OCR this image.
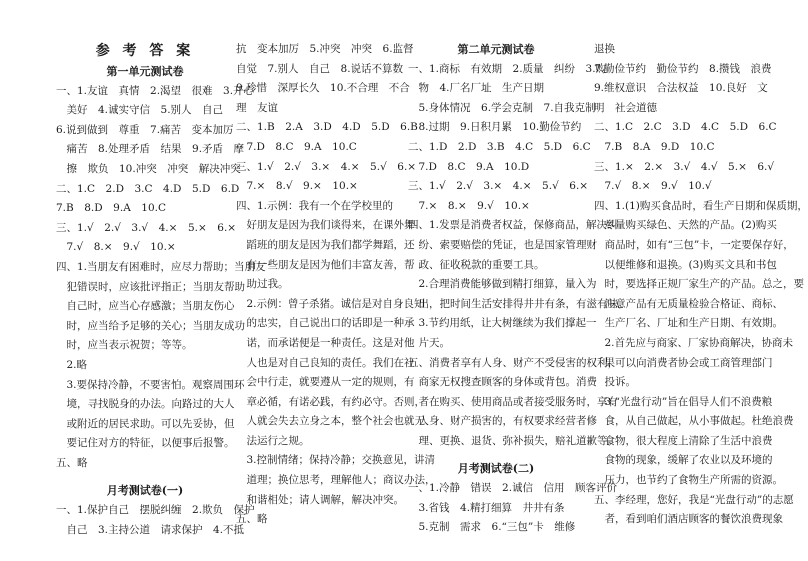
参 考 答 案
第一单元测试卷
一、1.友谊　真情　2.渴望　很难　3.开心
　美好　4.诚实守信　5.别人　自己
6.说到做到　尊重　7.痛苦　变本加厉
　痛苦　8.处理矛盾　结果　9.矛盾　摩
　擦　欺负　10.冲突　冲突　解决冲突
二、1.C　2.D　3.C　4.D　5.D　6.D
7.B　8.D　9.A　10.C
三、1.√　2.√　3.√　4.×　5.×　6.×
　7.√　8.×　9.√　10.×
四、1.当朋友有困难时，应尽力帮助；当朋友
　犯错误时，应该批评指正；当朋友帮助
　自己时，应当心存感激；当朋友伤心
　时，应当给予足够的关心；当朋友成功
　时，应当表示祝贺；等等。
　2.略
　3.要保持冷静，不要害怕。观察周围环
　境，寻找脱身的办法。向路过的大人
　或附近的居民求助。可以先妥协，但
　要记住对方的特征，以便事后报警。
五、略
月考测试卷(一)
一、1.保护自己　摆脱纠缠　2.欺负　保护
　自己　3.主持公道　请求保护　4.不抵
抗　变本加厉　5.冲突　冲突　6.监督
自觉　7.别人　自己　8.说话不算数
9.珍惜　深厚长久　10.不合理　不合
理　友谊
二、1.B　2.A　3.D　4.D　5.D　6.B
　7.D　8.C　9.A　10.C
三、1.√　2.√　3.×　4.×　5.√　6.×
　7.×　8.√　9.×　10.×
四、1.示例：我有一个在学校里的
　好朋友是因为我们谈得来，在课外舞
　蹈班的朋友是因为我们都学舞蹈，还
　有一些朋友是因为他们丰富友善，帮
　助过我。
　2.示例：曾子杀猪。诚信是对自身良知
　的忠实，自己说出口的话即是一种承
　诺，而承诺便是一种责任。这是对他
　人也是对自己良知的责任。我们在社
　会中行走，就要遵从一定的规则，有
　章必循，有诺必践，有约必守。否则，
　人就会失去立身之本，整个社会也就无
　法运行之规。
　3.控制情绪；保持冷静；交换意见，讲清
　道理；换位思考，理解他人；商议办法，
　和谐相处；请人调解，解决冲突。
五、略
第二单元测试卷
一、1.商标　有效期　2.质量　纠纷　3.购
　物　4.厂名厂址　生产日期
　5.身体情况　6.学会克制　7.自我克制
　8.过期　9.日积月累　10.勤俭节约
二、1.D　2.D　3.B　4.C　5.D　6.C
　7.D　8.C　9.A　10.D
三、1.√　2.√　3.×　4.×　5.√　6.×
　7.×　8.×　9.√　10.×
四、1.发票是消费者权益，保修商品，解决纠
　纷、索要赔偿的凭证，也是国家管理财
　政、征收税款的重要工具。
　2.合理消费能够做到精打细算，量入为
　出，把时间生活安排得井井有条，有滋有味。
　3.节约用纸，让大树继续为我们撑起一
　片天。
五、消费者享有人身、财产不受侵害的权利，
　商家无权搜查顾客的身体或背包。消费
　者在购买、使用商品或者接受服务时，享有
　人身、财产损害的，有权要求经营者修
　理、更换、退货、弥补损失，赔礼道歉等。
月考测试卷(二)
一、1.冷静　错误　2.诚信　信用　顾客评价
　3.省钱　4.精打细算　井井有条
　5.克制　需求　6.“三包”卡　维修
退换
7.勤俭节约　勤俭节约　8.攒钱　浪费
9.维权意识　合法权益　10.良好　文
明　社会道德
二、1.C　2.C　3.D　4.C　5.D　6.C
　7.B　8.A　9.D　10.C
三、1.×　2.×　3.√　4.√　5.×　6.√
　7.√　8.×　9.√　10.√
四、1.(1)购买食品时，看生产日期和保质期，
　尽量购买绿色、天然的产品。(2)购买
　商品时，如有“三包”卡，一定要保存好，
　以便维修和退换。(3)购买文具和书包
　时，要选择正规厂家生产的产品。总之，要
　注意产品有无质量检验合格证、商标、
　生产厂名、厂址和生产日期、有效期。
　2.首先应与商家、厂家协商解决，协商未
　果可以向消费者协会或工商管理部门
　投诉。
　3.“光盘行动”旨在倡导人们不浪费粮
　食，从自己做起，从小事做起。杜绝浪费
　食物，很大程度上清除了生活中浪费
　食物的现象，缓解了农业以及环境的
　压力，也节约了食物生产所需的资源。
五、李经理，您好，我是“光盘行动”的志愿
　者，看到咱们酒店顾客的餐饮浪费现象
